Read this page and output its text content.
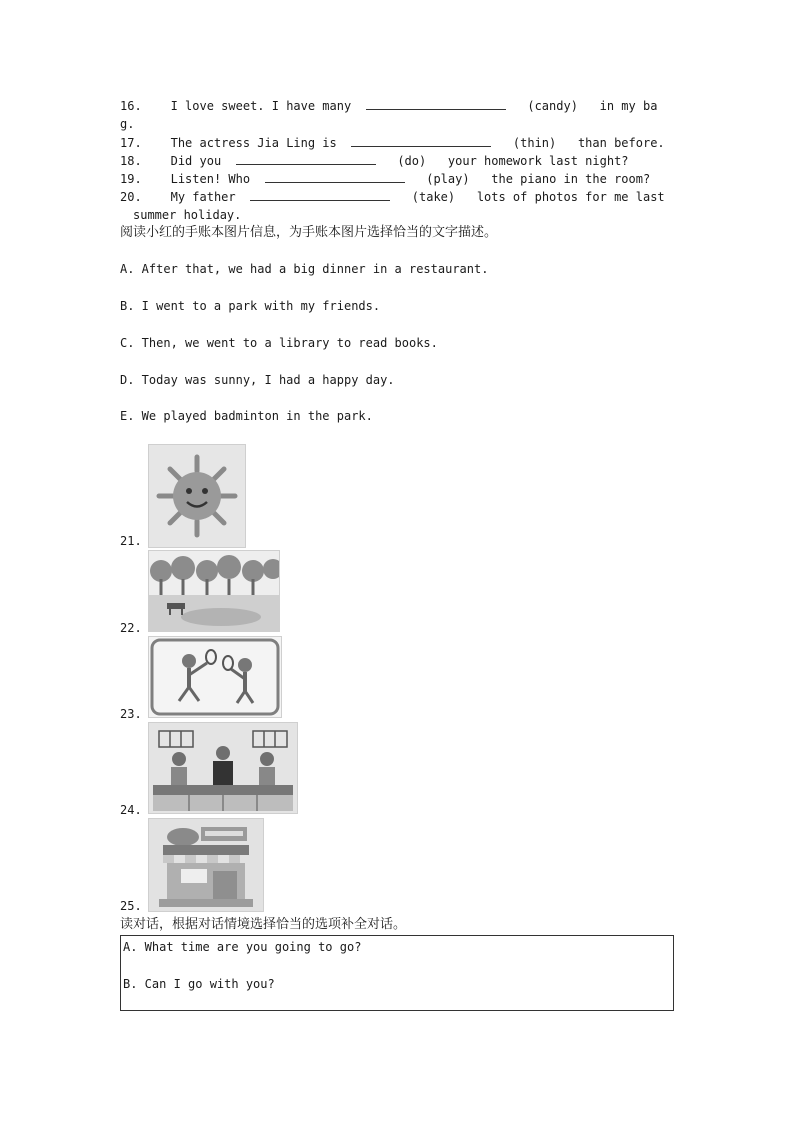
16. I love sweet. I have many	(candy) in my ba
g.
17. The actress Jia Ling is	(thin) than before.
18. Did you	(do) your homework last night?
19. Listen! Who	(play) the piano in the room?
20. My father	(take) lots of photos for me last
summer holiday.
阅读小红的手账本图片信息，为手账本图片选择恰当的文字描述。
A. After that, we had a big dinner in a restaurant.
B. I went to a park with my friends.
C. Then, we went to a library to read books.
D. Today was sunny, I had a happy day.
E. We played badminton in the park.
21.
22.
23.
24.
25.
读对话，根据对话情境选择恰当的选项补全对话。
A. What time are you going to go?
B. Can I go with you?
